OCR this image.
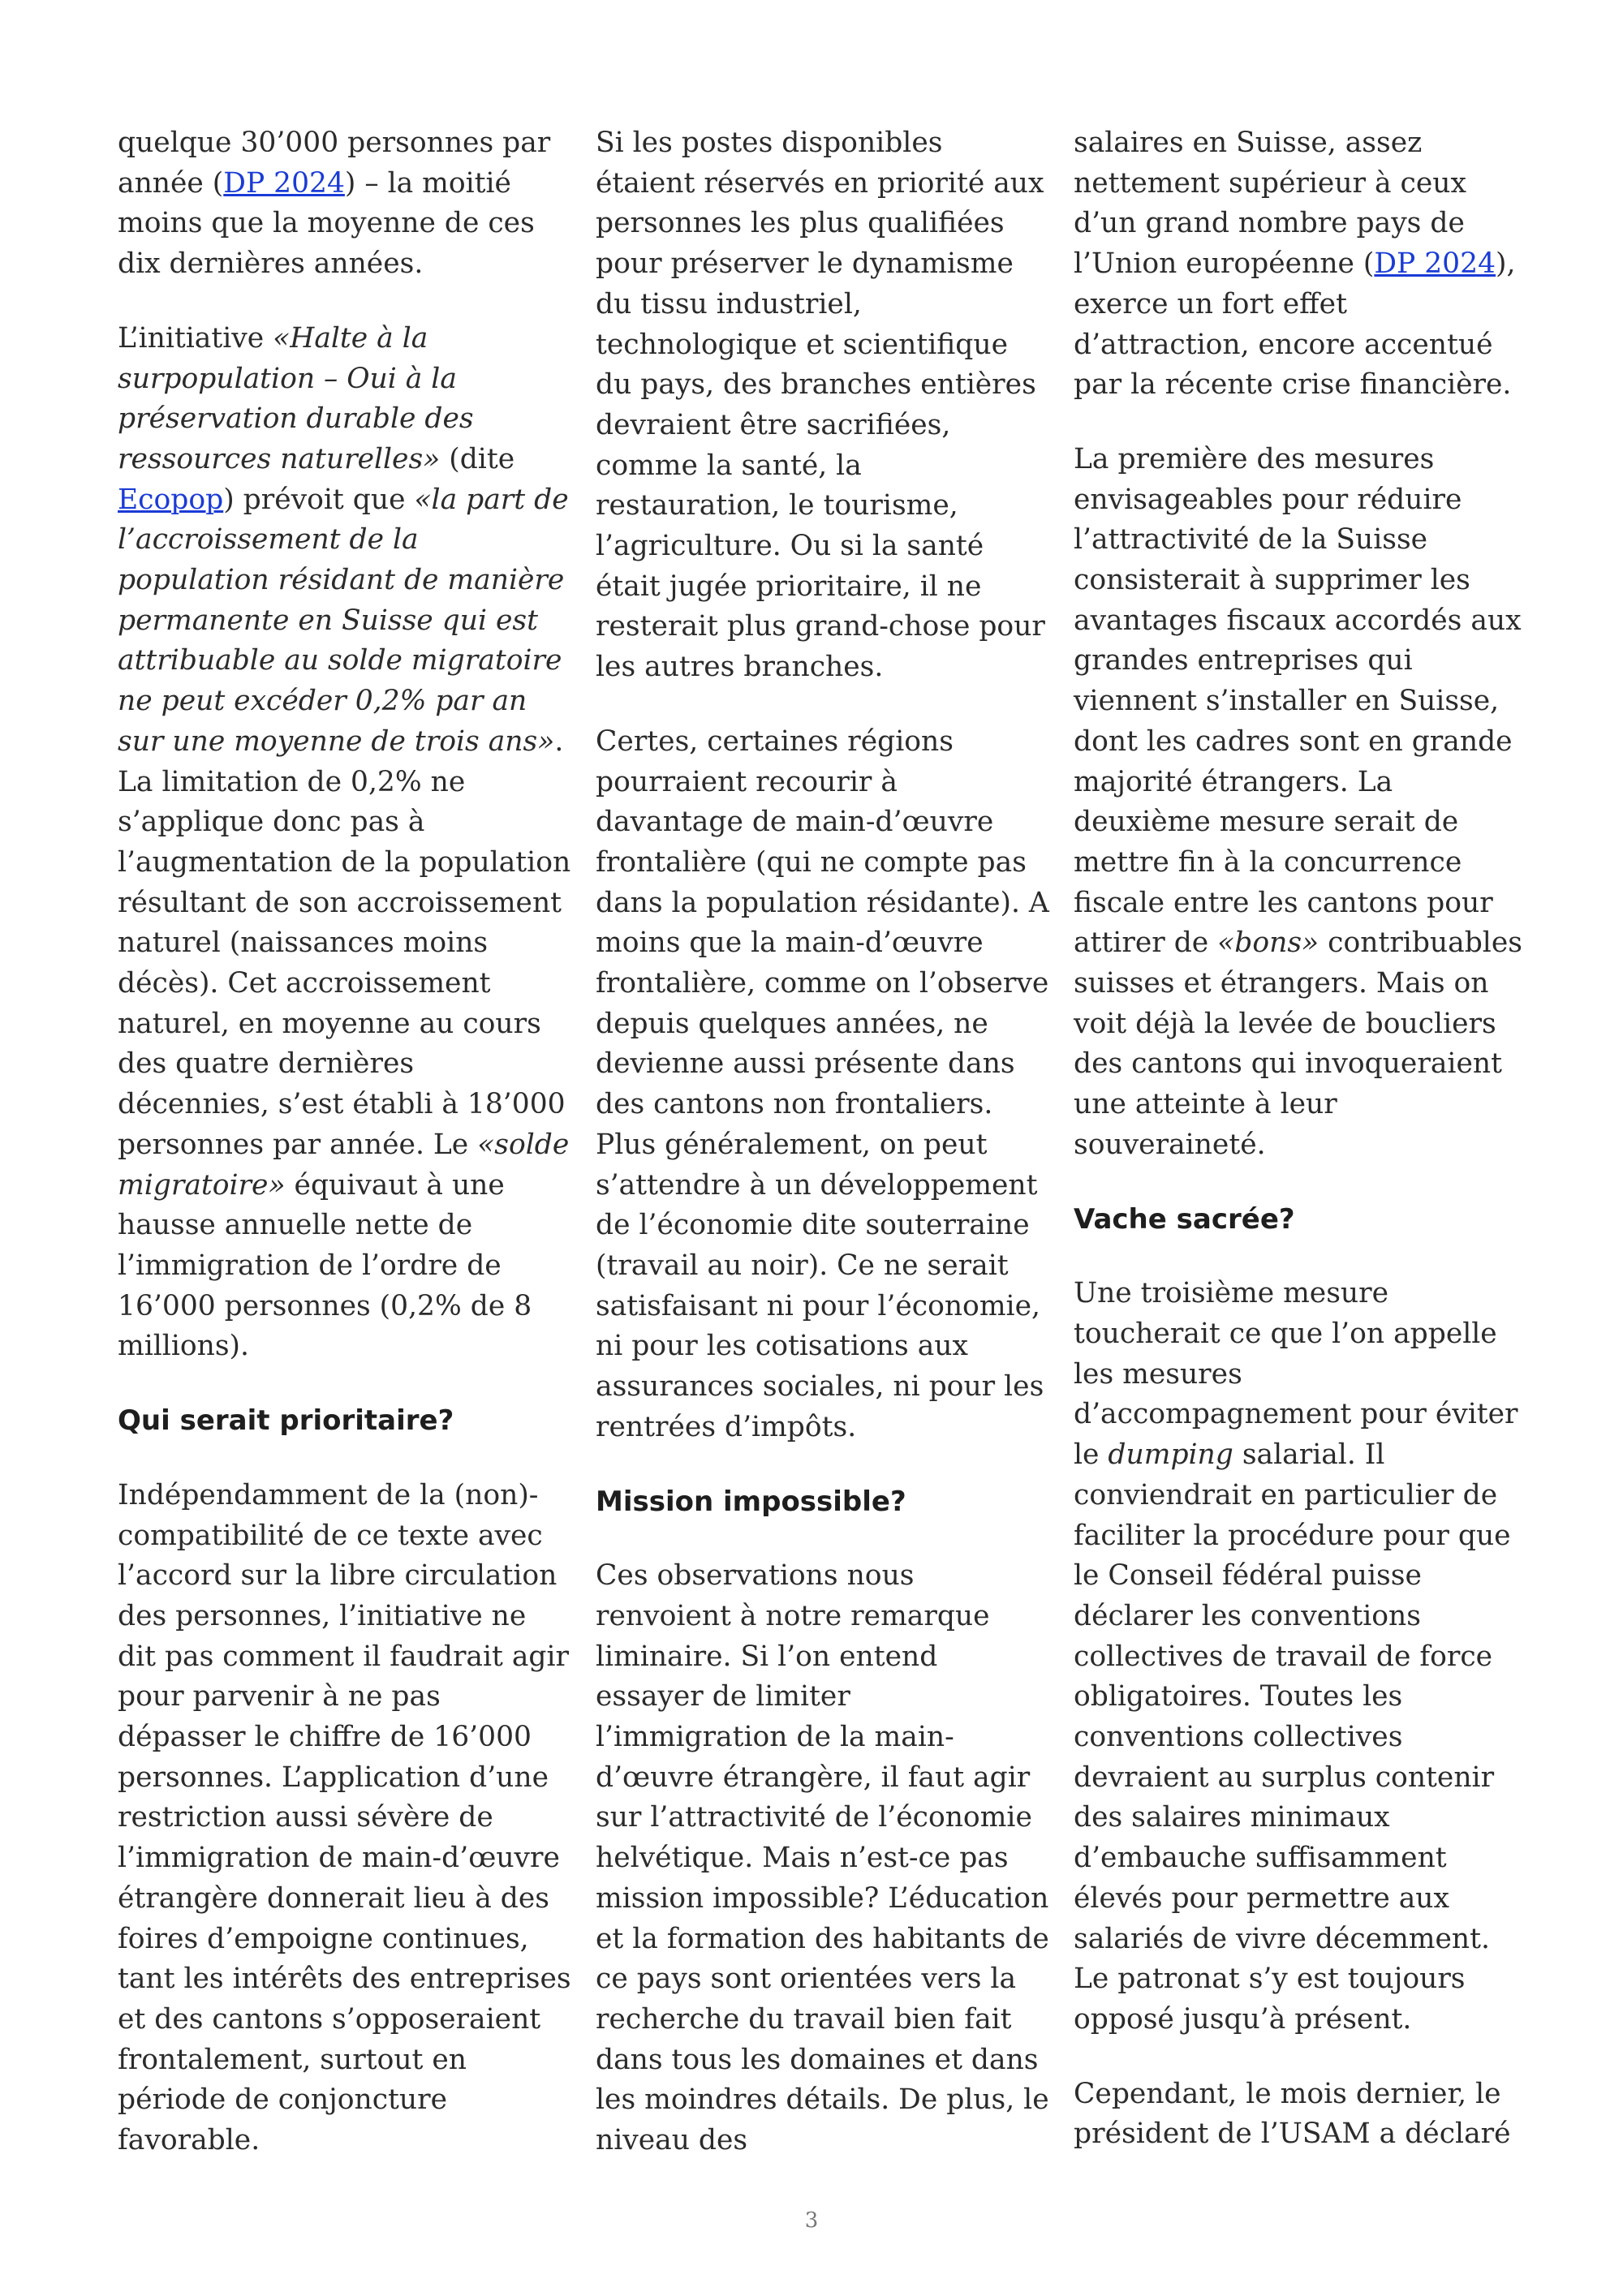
quelque 30’000 personnes par année (DP 2024) – la moitié moins que la moyenne de ces dix dernières années.

L’initiative «Halte à la surpopulation – Oui à la préservation durable des ressources naturelles» (dite Ecopop) prévoit que «la part de l’accroissement de la population résidant de manière permanente en Suisse qui est attribuable au solde migratoire ne peut excéder 0,2% par an sur une moyenne de trois ans». La limitation de 0,2% ne s’applique donc pas à l’augmentation de la population résultant de son accroissement naturel (naissances moins décès). Cet accroissement naturel, en moyenne au cours des quatre dernières décennies, s’est établi à 18’000 personnes par année. Le «solde migratoire» équivaut à une hausse annuelle nette de l’immigration de l’ordre de 16’000 personnes (0,2% de 8 millions).

Qui serait prioritaire?

Indépendamment de la (non)-compatibilité de ce texte avec l’accord sur la libre circulation des personnes, l’initiative ne dit pas comment il faudrait agir pour parvenir à ne pas dépasser le chiffre de 16’000 personnes. L’application d’une restriction aussi sévère de l’immigration de main-d’œuvre étrangère donnerait lieu à des foires d’empoigne continues, tant les intérêts des entreprises et des cantons s’opposeraient frontalement, surtout en période de conjoncture favorable.

Si les postes disponibles étaient réservés en priorité aux personnes les plus qualifiées pour préserver le dynamisme du tissu industriel, technologique et scientifique du pays, des branches entières devraient être sacrifiées, comme la santé, la restauration, le tourisme, l’agriculture. Ou si la santé était jugée prioritaire, il ne resterait plus grand-chose pour les autres branches.

Certes, certaines régions pourraient recourir à davantage de main-d’œuvre frontalière (qui ne compte pas dans la population résidante). A moins que la main-d’œuvre frontalière, comme on l’observe depuis quelques années, ne devienne aussi présente dans des cantons non frontaliers. Plus généralement, on peut s’attendre à un développement de l’économie dite souterraine (travail au noir). Ce ne serait satisfaisant ni pour l’économie, ni pour les cotisations aux assurances sociales, ni pour les rentrées d’impôts.

Mission impossible?

Ces observations nous renvoient à notre remarque liminaire. Si l’on entend essayer de limiter l’immigration de la main-d’œuvre étrangère, il faut agir sur l’attractivité de l’économie helvétique. Mais n’est-ce pas mission impossible? L’éducation et la formation des habitants de ce pays sont orientées vers la recherche du travail bien fait dans tous les domaines et dans les moindres détails. De plus, le niveau des

salaires en Suisse, assez nettement supérieur à ceux d’un grand nombre pays de l’Union européenne (DP 2024), exerce un fort effet d’attraction, encore accentué par la récente crise financière.

La première des mesures envisageables pour réduire l’attractivité de la Suisse consisterait à supprimer les avantages fiscaux accordés aux grandes entreprises qui viennent s’installer en Suisse, dont les cadres sont en grande majorité étrangers. La deuxième mesure serait de mettre fin à la concurrence fiscale entre les cantons pour attirer de «bons» contribuables suisses et étrangers. Mais on voit déjà la levée de boucliers des cantons qui invoqueraient une atteinte à leur souveraineté.

Vache sacrée?

Une troisième mesure toucherait ce que l’on appelle les mesures d’accompagnement pour éviter le dumping salarial. Il conviendrait en particulier de faciliter la procédure pour que le Conseil fédéral puisse déclarer les conventions collectives de travail de force obligatoires. Toutes les conventions collectives devraient au surplus contenir des salaires minimaux d’embauche suffisamment élevés pour permettre aux salariés de vivre décemment. Le patronat s’y est toujours opposé jusqu’à présent.

Cependant, le mois dernier, le président de l’USAM a déclaré

3
